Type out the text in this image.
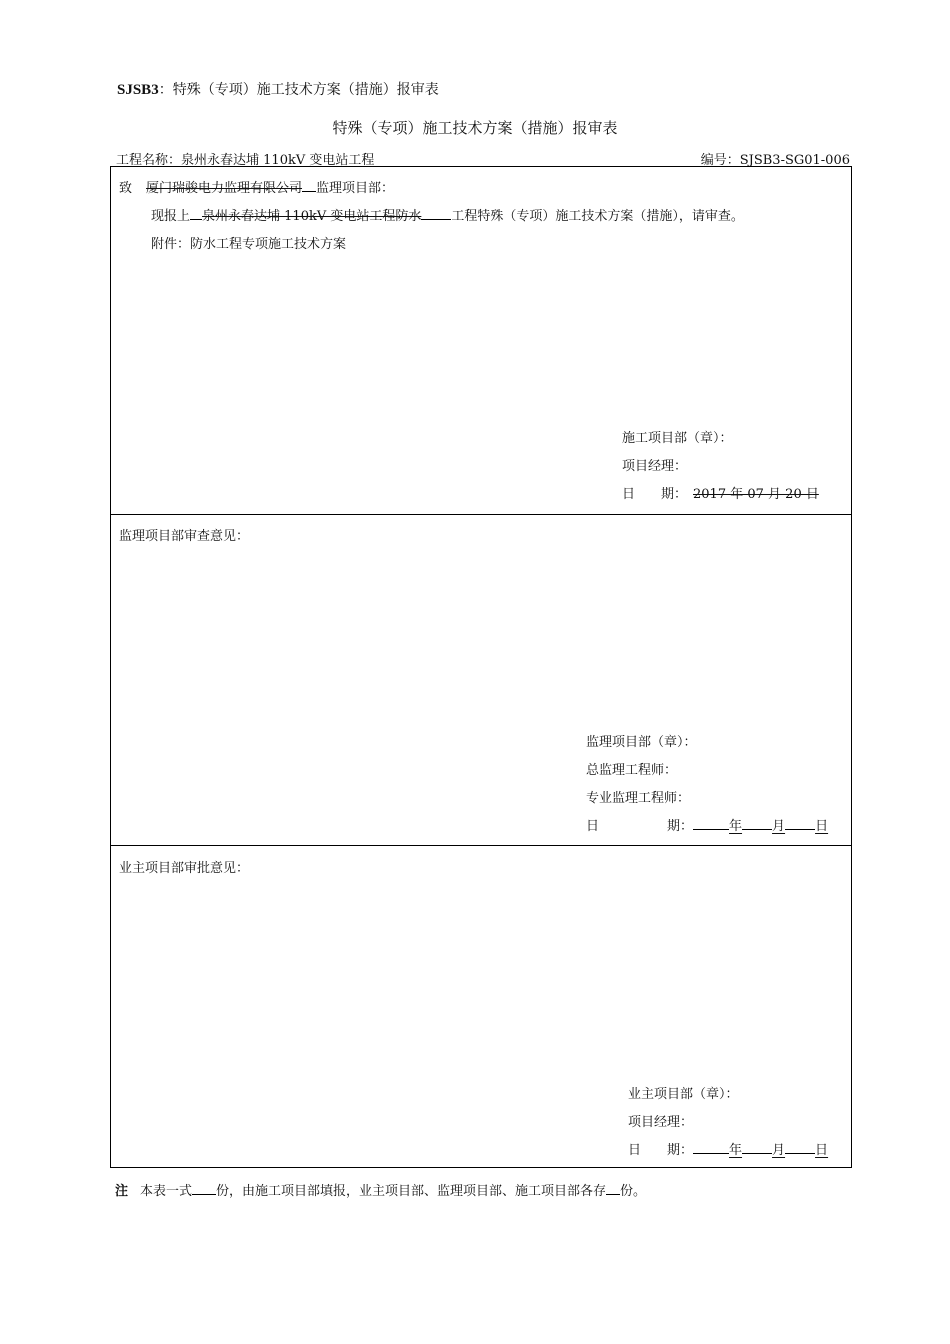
SJSB3：特殊（专项）施工技术方案（措施）报审表
特殊（专项）施工技术方案（措施）报审表
工程名称：泉州永春达埔 110kV 变电站工程	编号：SJSB3-SG01-006
致 厦门瑞骏电力监理有限公司 监理项目部：
现报上 泉州永春达埔 110kV 变电站工程防水 工程特殊（专项）施工技术方案（措施），请审查。
附件：防水工程专项施工技术方案
施工项目部（章）：
项目经理：
日　　期： 2017 年 07 月 20 日
监理项目部审查意见：
监理项目部（章）：
总监理工程师：
专业监理工程师：
日	期：	年 月 日
业主项目部审批意见：
业主项目部（章）：
项目经理：
日　　期：	年 月 日
注 本表一式 份，由施工项目部填报，业主项目部、监理项目部、施工项目部各存 份。
